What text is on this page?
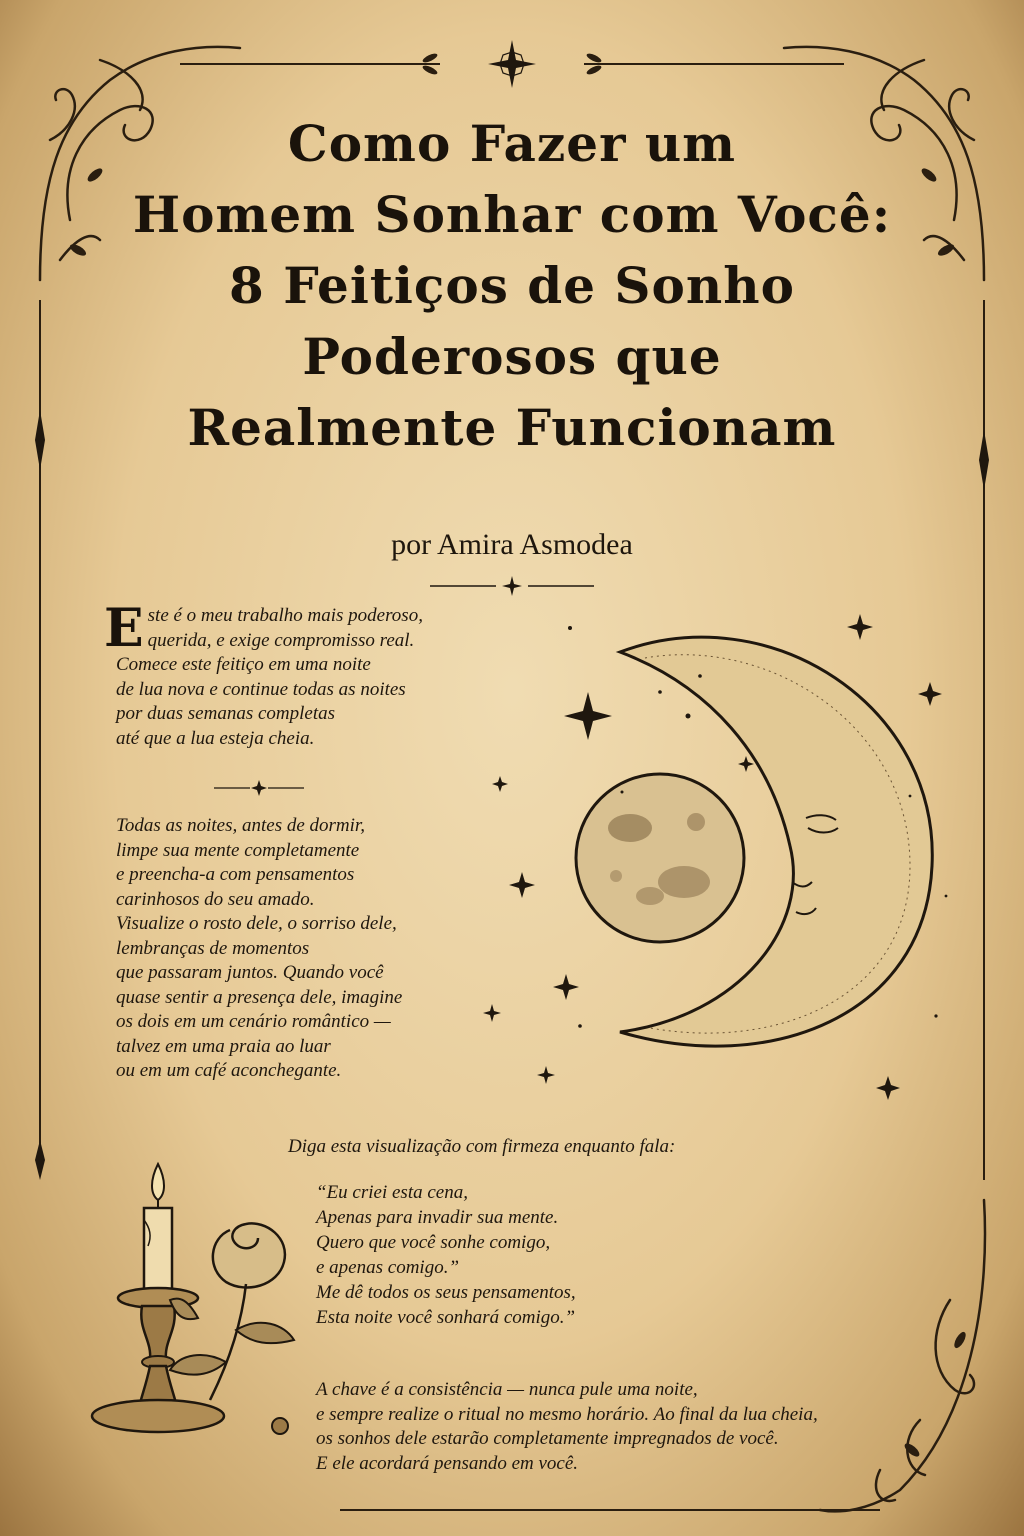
Como Fazer um
Homem Sonhar com Você:
8 Feitiços de Sonho
Poderosos que
Realmente Funcionam
por Amira Asmodea
E ste é o meu trabalho mais poderoso,
querida, e exige compromisso real.
Comece este feitiço em uma noite
de lua nova e continue todas as noites
por duas semanas completas
até que a lua esteja cheia.
Todas as noites, antes de dormir,
limpe sua mente completamente
e preencha-a com pensamentos
carinhosos do seu amado.
Visualize o rosto dele, o sorriso dele,
lembranças de momentos
que passaram juntos. Quando você
quase sentir a presença dele, imagine
os dois em um cenário romântico —
talvez em uma praia ao luar
ou em um café aconchegante.
Diga esta visualização com firmeza enquanto fala:
“Eu criei esta cena,
Apenas para invadir sua mente.
Quero que você sonhe comigo,
e apenas comigo.”
Me dê todos os seus pensamentos,
Esta noite você sonhará comigo.”
A chave é a consistência — nunca pule uma noite,
e sempre realize o ritual no mesmo horário. Ao final da lua cheia,
os sonhos dele estarão completamente impregnados de você.
E ele acordará pensando em você.
